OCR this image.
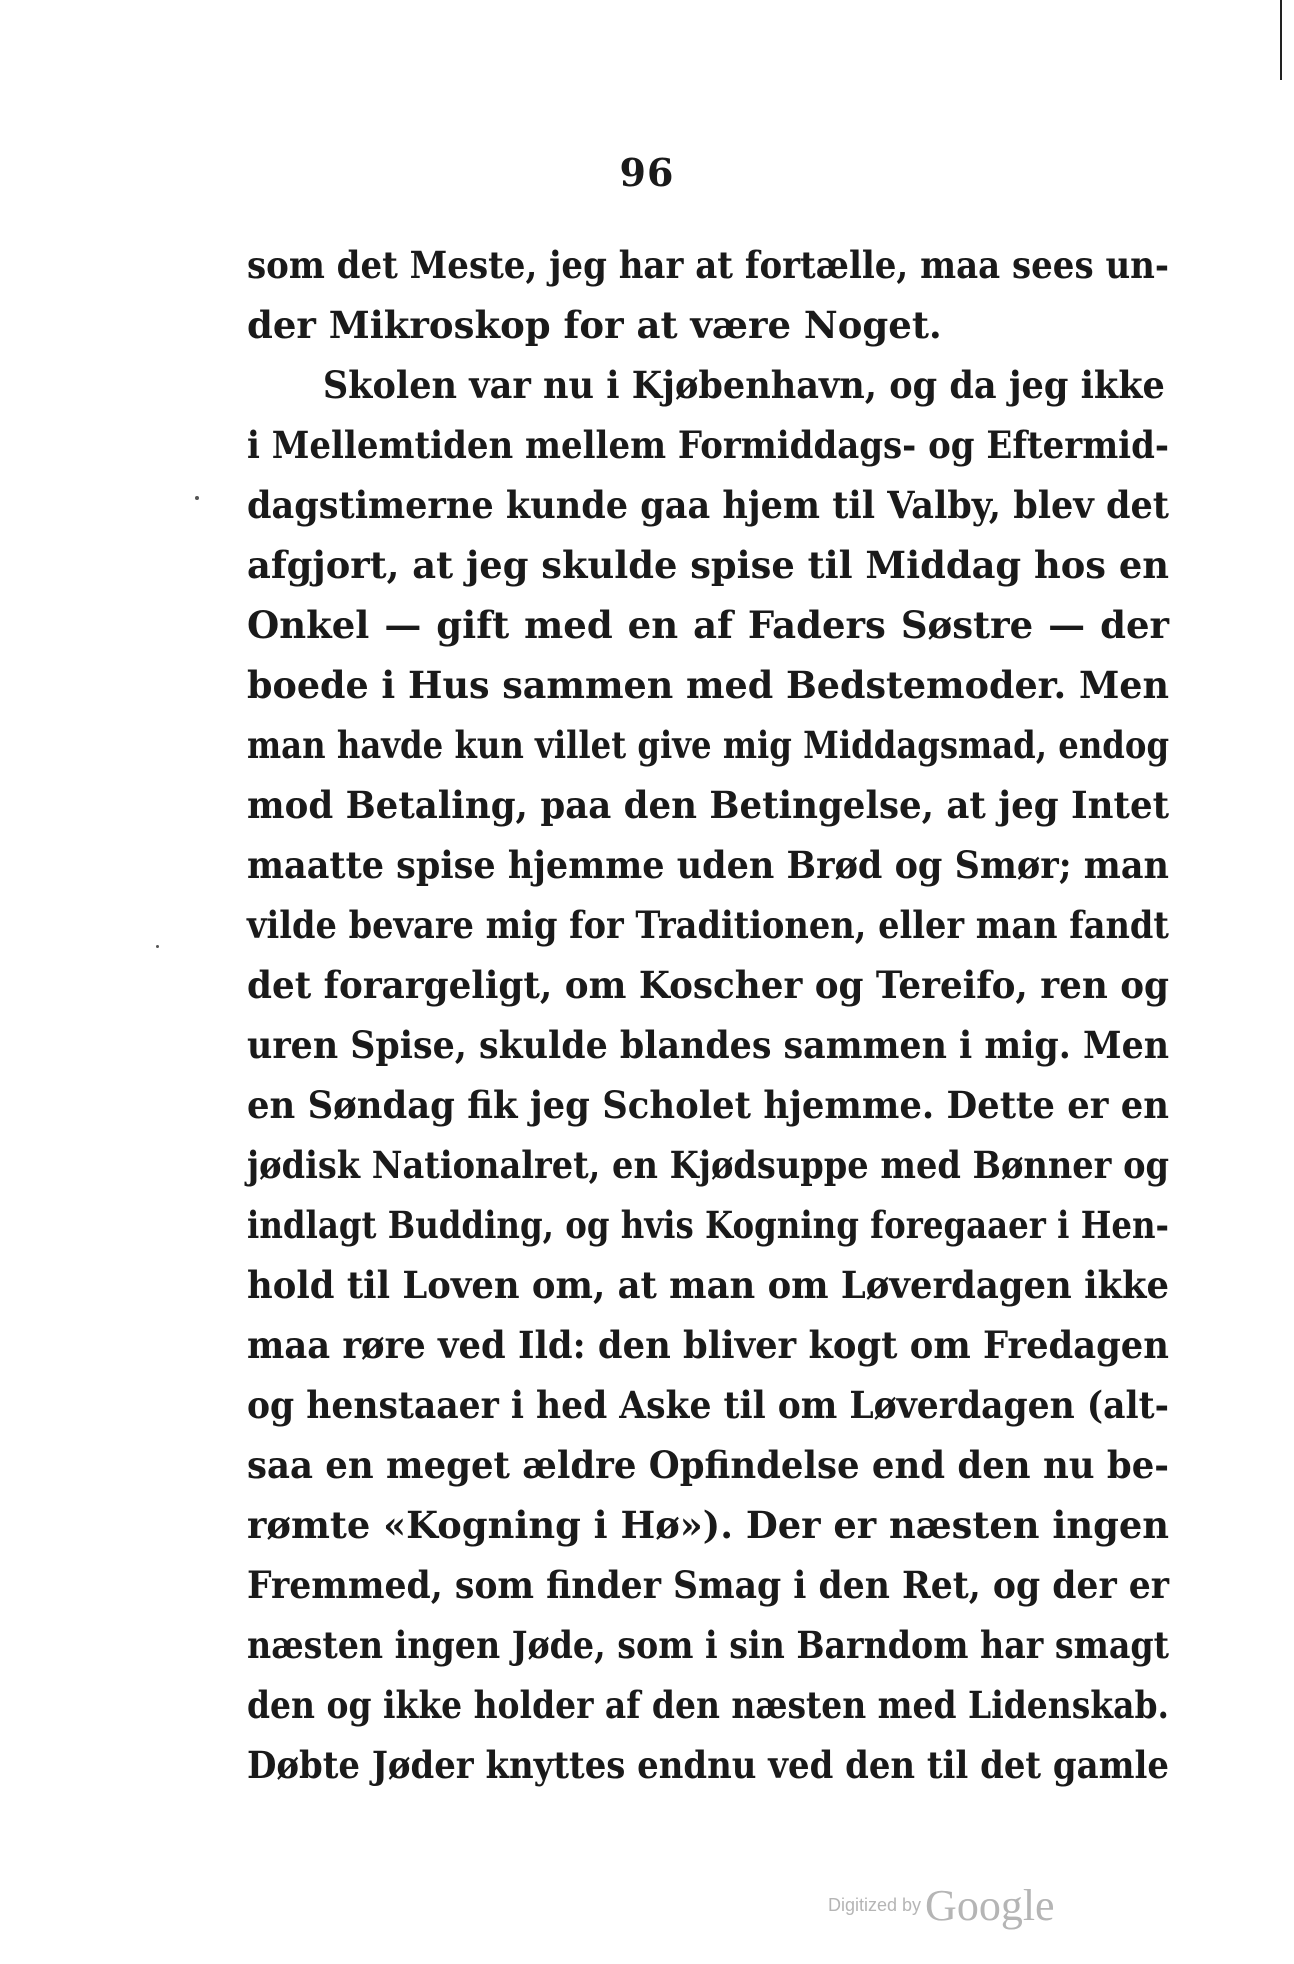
96
som det Meste, jeg har at fortælle, maa sees un-
der Mikroskop for at være Noget.
Skolen var nu i Kjøbenhavn, og da jeg ikke
i Mellemtiden mellem Formiddags- og Eftermid-
dagstimerne kunde gaa hjem til Valby, blev det
afgjort, at jeg skulde spise til Middag hos en
Onkel — gift med en af Faders Søstre — der
boede i Hus sammen med Bedstemoder. Men
man havde kun villet give mig Middagsmad, endog
mod Betaling, paa den Betingelse, at jeg Intet
maatte spise hjemme uden Brød og Smør; man
vilde bevare mig for Traditionen, eller man fandt
det forargeligt, om Koscher og Tereifo, ren og
uren Spise, skulde blandes sammen i mig. Men
en Søndag fik jeg Scholet hjemme. Dette er en
jødisk Nationalret, en Kjødsuppe med Bønner og
indlagt Budding, og hvis Kogning foregaaer i Hen-
hold til Loven om, at man om Løverdagen ikke
maa røre ved Ild: den bliver kogt om Fredagen
og henstaaer i hed Aske til om Løverdagen (alt-
saa en meget ældre Opfindelse end den nu be-
rømte «Kogning i Hø»). Der er næsten ingen
Fremmed, som finder Smag i den Ret, og der er
næsten ingen Jøde, som i sin Barndom har smagt
den og ikke holder af den næsten med Lidenskab.
Døbte Jøder knyttes endnu ved den til det gamle
Digitized by Google
